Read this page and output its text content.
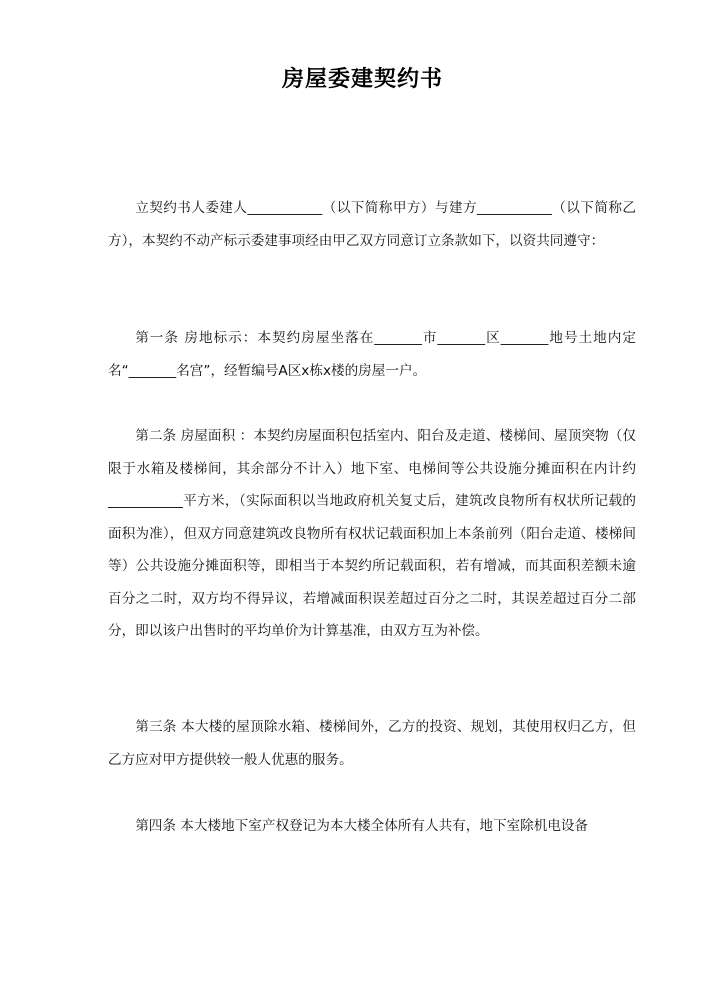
房屋委建契约书

立契约书人委建人___________（以下简称甲方）与建方___________（以下简称乙方），本契约不动产标示委建事项经由甲乙双方同意订立条款如下，以资共同遵守：

第一条 房地标示：本契约房屋坐落在_______市_______区_______地号土地内定名“_______名宫”，经暂编号A区x栋x楼的房屋一户。

第二条 房屋面积 ：本契约房屋面积包括室内、阳台及走道、楼梯间、屋顶突物（仅限于水箱及楼梯间，其余部分不计入）地下室、电梯间等公共设施分摊面积在内计约___________平方米，（实际面积以当地政府机关复丈后，建筑改良物所有权状所记载的面积为准），但双方同意建筑改良物所有权状记载面积加上本条前列（阳台走道、楼梯间等）公共设施分摊面积等，即相当于本契约所记载面积，若有增减，而其面积差额未逾百分之二时，双方均不得异议，若增减面积误差超过百分之二时，其误差超过百分二部分，即以该户出售时的平均单价为计算基准，由双方互为补偿。

第三条 本大楼的屋顶除水箱、楼梯间外，乙方的投资、规划，其使用权归乙方，但乙方应对甲方提供较一般人优惠的服务。

第四条 本大楼地下室产权登记为本大楼全体所有人共有，地下室除机电设备
